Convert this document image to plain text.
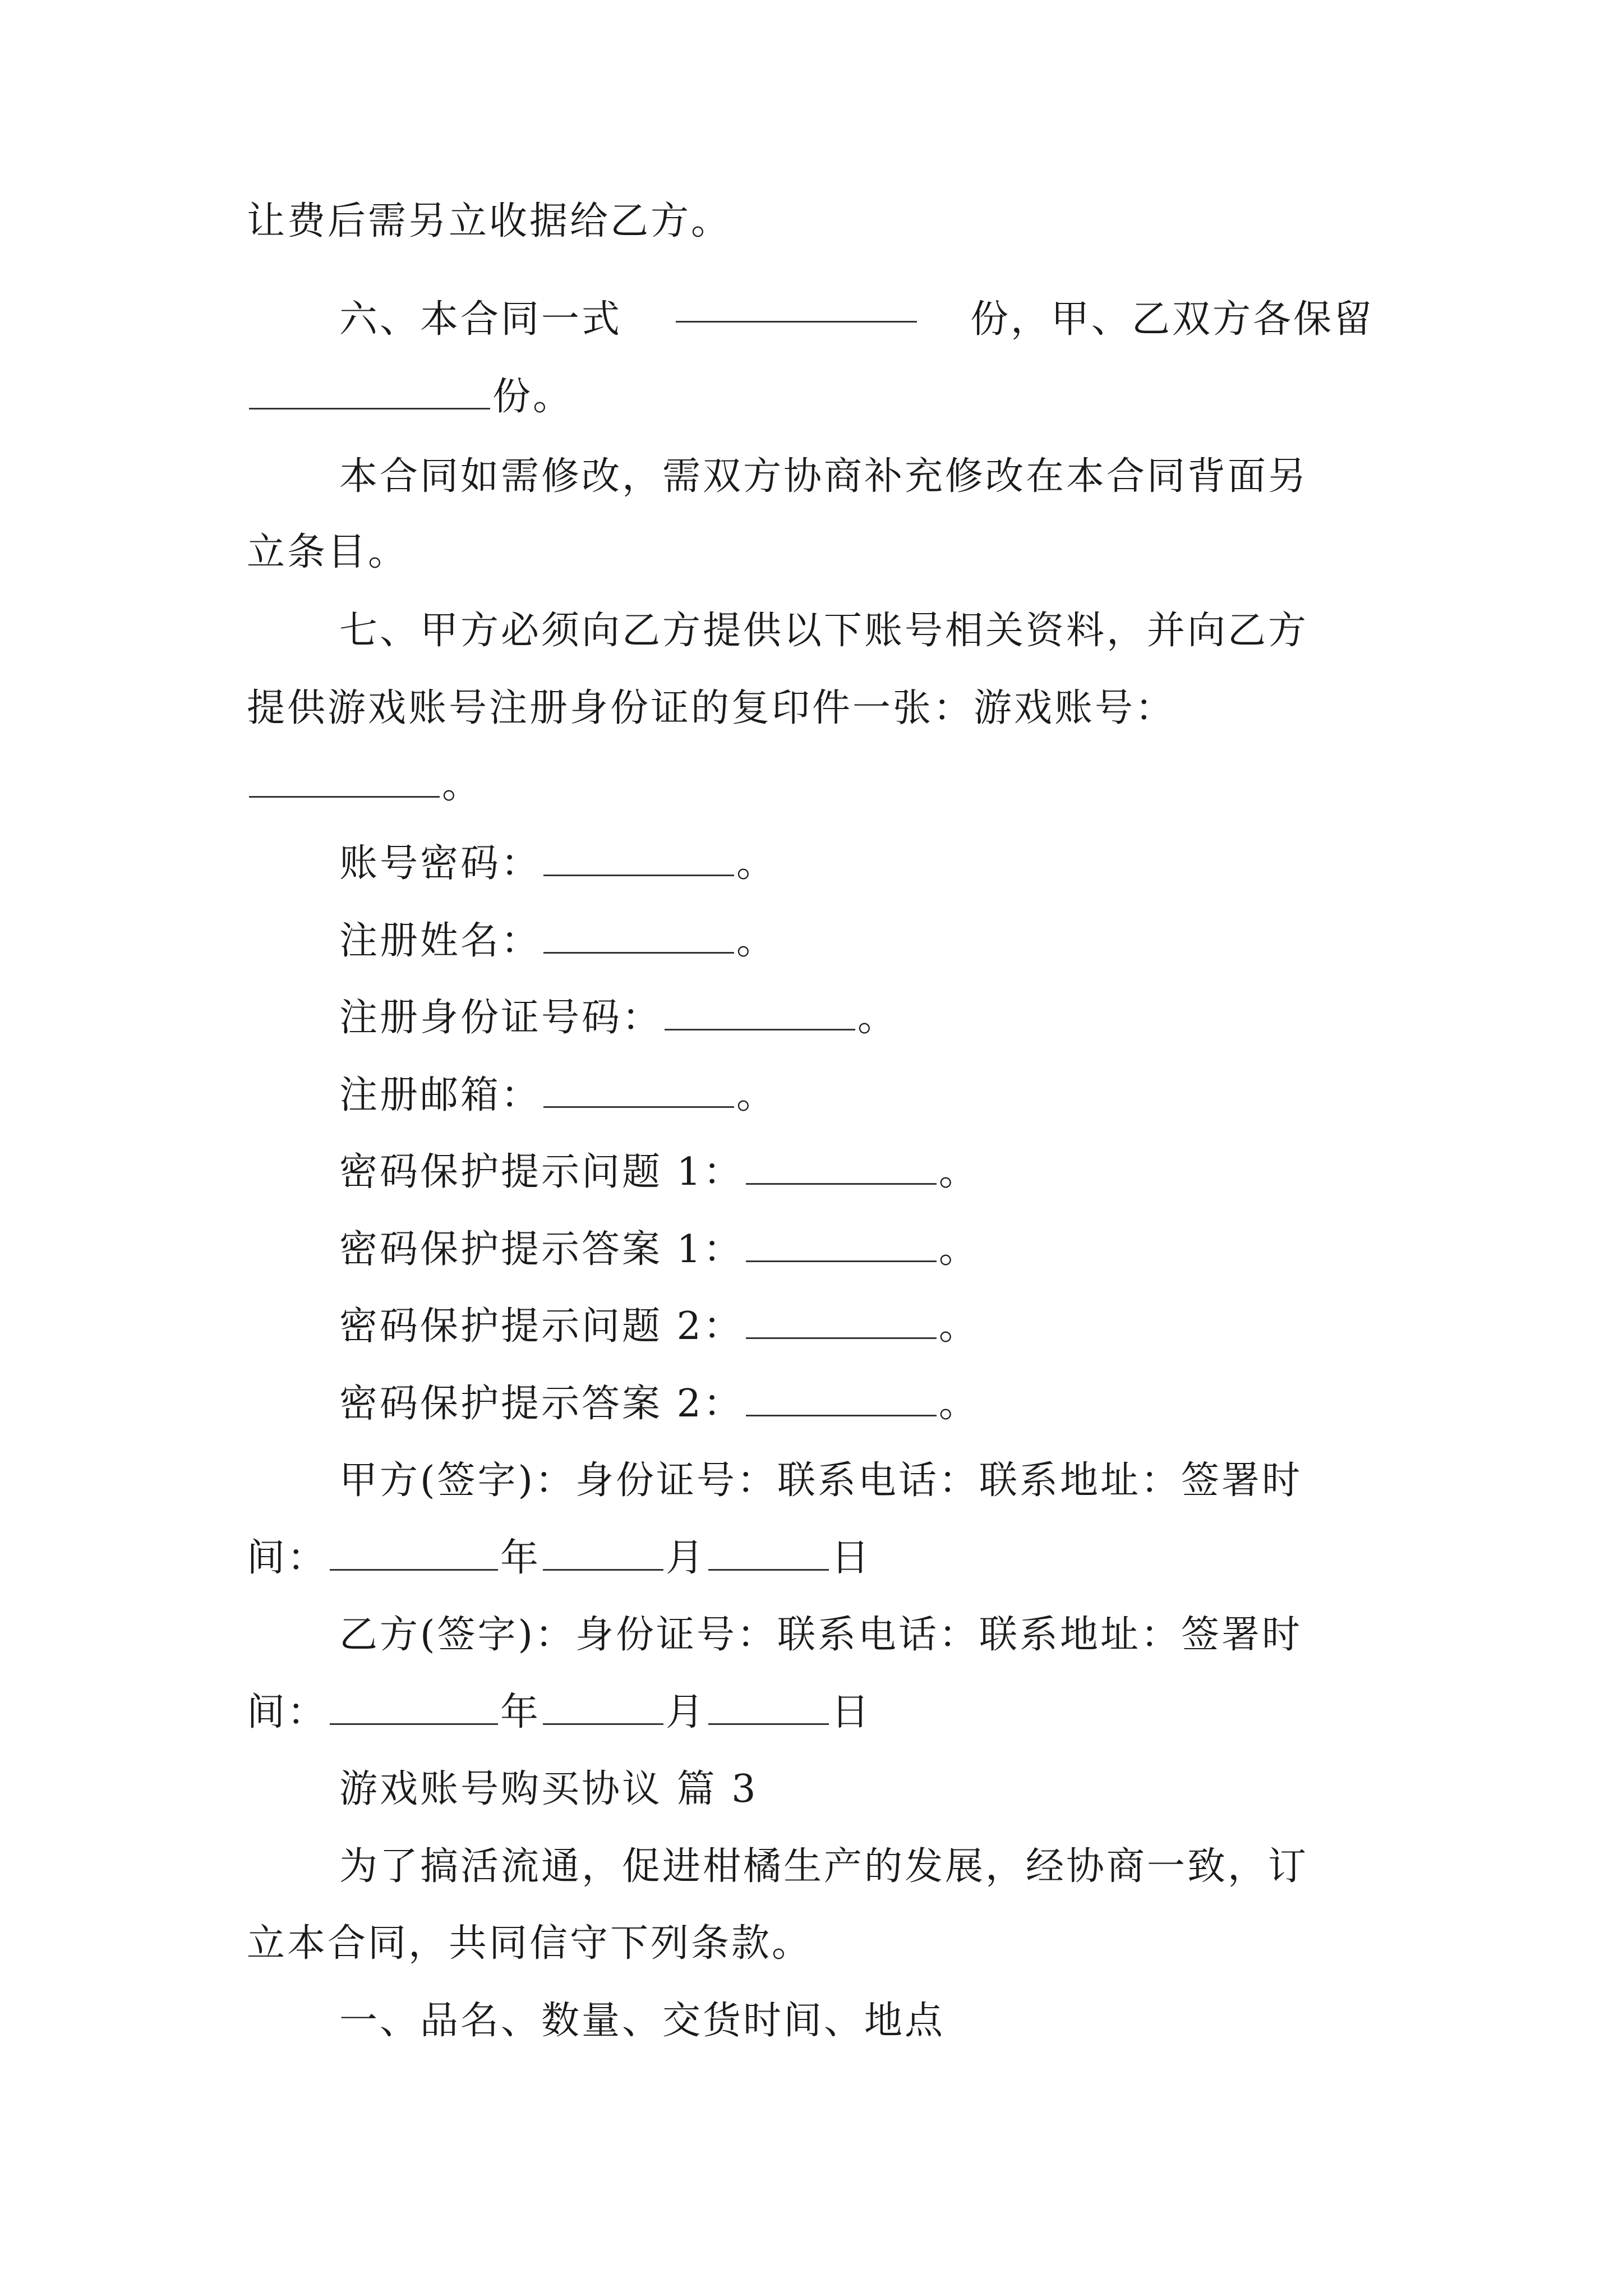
让费后需另立收据给乙方。
六、本合同一式	份，甲、乙双方各保留
份。
本合同如需修改，需双方协商补充修改在本合同背面另
立条目。
七、甲方必须向乙方提供以下账号相关资料，并向乙方
提供游戏账号注册身份证的复印件一张：游戏账号：
。
账号密码：	。
注册姓名：	。
注册身份证号码：	。
注册邮箱：	。
密码保护提示问题 1：	。
密码保护提示答案 1：	。
密码保护提示问题 2：	。
密码保护提示答案 2：	。
甲方(签字)：身份证号：联系电话：联系地址：签署时
间：	年	月	日
乙方(签字)：身份证号：联系电话：联系地址：签署时
间：	年	月	日
游戏账号购买协议 篇 3
为了搞活流通，促进柑橘生产的发展，经协商一致，订
立本合同，共同信守下列条款。
一、品名、数量、交货时间、地点
